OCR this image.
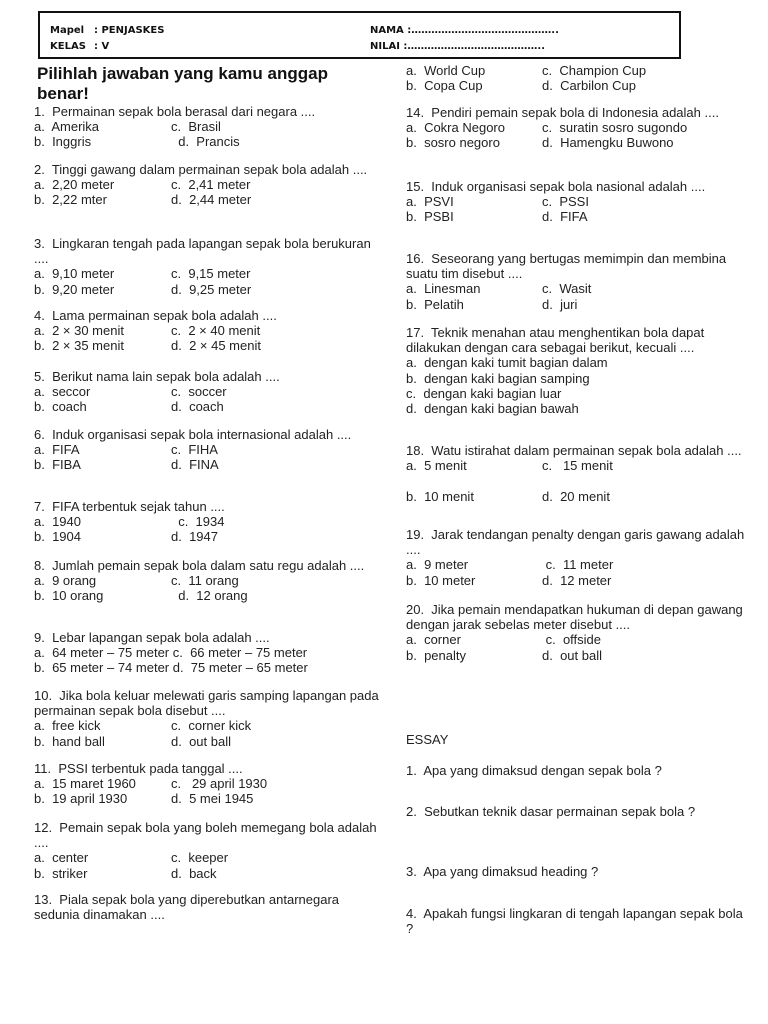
Mapel : PENJASKES
KELAS : V
NAMA :……………………………………..
NILAI :…………………………………..
Pilihlah jawaban yang kamu anggap benar!
1.  Permainan sepak bola berasal dari negara ....
a.  Amerika	c.  Brasil
b.  Inggris	d.  Prancis
2.  Tinggi gawang dalam permainan sepak bola adalah ....
a.  2,20 meter	c.  2,41 meter
b.  2,22 mter	d.  2,44 meter
3.  Lingkaran tengah pada lapangan sepak bola berukuran ....
a.  9,10 meter	c.  9,15 meter
b.  9,20 meter	d.  9,25 meter
4.  Lama permainan sepak bola adalah ....
a.  2 × 30 menit	c.  2 × 40 menit
b.  2 × 35 menit	d.  2 × 45 menit
5.  Berikut nama lain sepak bola adalah ....
a.  seccor	c.  soccer
b.  coach	d.  coach
6.  Induk organisasi sepak bola internasional adalah ....
a.  FIFA	c.  FIHA
b.  FIBA	d.  FINA
7.  FIFA terbentuk sejak tahun ....
a.  1940	c.  1934
b.  1904	d.  1947
8.  Jumlah pemain sepak bola dalam satu regu adalah ....
a.  9 orang	c.  11 orang
b.  10 orang	d.  12 orang
9.  Lebar lapangan sepak bola adalah ....
a.  64 meter – 75 meter c.  66 meter – 75 meter
b.  65 meter – 74 meter d.  75 meter – 65 meter
10.  Jika bola keluar melewati garis samping lapangan pada permainan sepak bola disebut ....
a.  free kick	c.  corner kick
b.  hand ball	d.  out ball
11.  PSSI terbentuk pada tanggal ....
a.  15 maret 1960	c.   29 april 1930
b.  19 april 1930	d.  5 mei 1945
12.  Pemain sepak bola yang boleh memegang bola adalah ....
a.  center	c.  keeper
b.  striker	d.  back
13.  Piala sepak bola yang diperebutkan antarnegara sedunia dinamakan ....
a.  World Cup	c.  Champion Cup
b.  Copa Cup	d.  Carbilon Cup
14.  Pendiri pemain sepak bola di Indonesia adalah ....
a.  Cokra Negoro	c.  suratin sosro sugondo
b.  sosro negoro	d.  Hamengku Buwono
15.  Induk organisasi sepak bola nasional adalah ....
a.  PSVI	c.  PSSI
b.  PSBI	d.  FIFA
16.  Seseorang yang bertugas memimpin dan membina suatu tim disebut ....
a.  Linesman	c.  Wasit
b.  Pelatih	d.  juri
17.  Teknik menahan atau menghentikan bola dapat dilakukan dengan cara sebagai berikut, kecuali ....
a.  dengan kaki tumit bagian dalam
b.  dengan kaki bagian samping
c.  dengan kaki bagian luar
d.  dengan kaki bagian bawah
18.  Watu istirahat dalam permainan sepak bola adalah ....
a.  5 menit	c.   15 menit

b.  10 menit	d.  20 menit
19.  Jarak tendangan penalty dengan garis gawang adalah ....
a.  9 meter	c.  11 meter
b.  10 meter	d.  12 meter
20.  Jika pemain mendapatkan hukuman di depan gawang dengan jarak sebelas meter disebut ....
a.  corner	c.  offside
b.  penalty	d.  out ball
ESSAY
1.  Apa yang dimaksud dengan sepak bola ?
2.  Sebutkan teknik dasar permainan sepak bola ?
3.  Apa yang dimaksud heading ?
4.  Apakah fungsi lingkaran di tengah lapangan sepak bola ?
